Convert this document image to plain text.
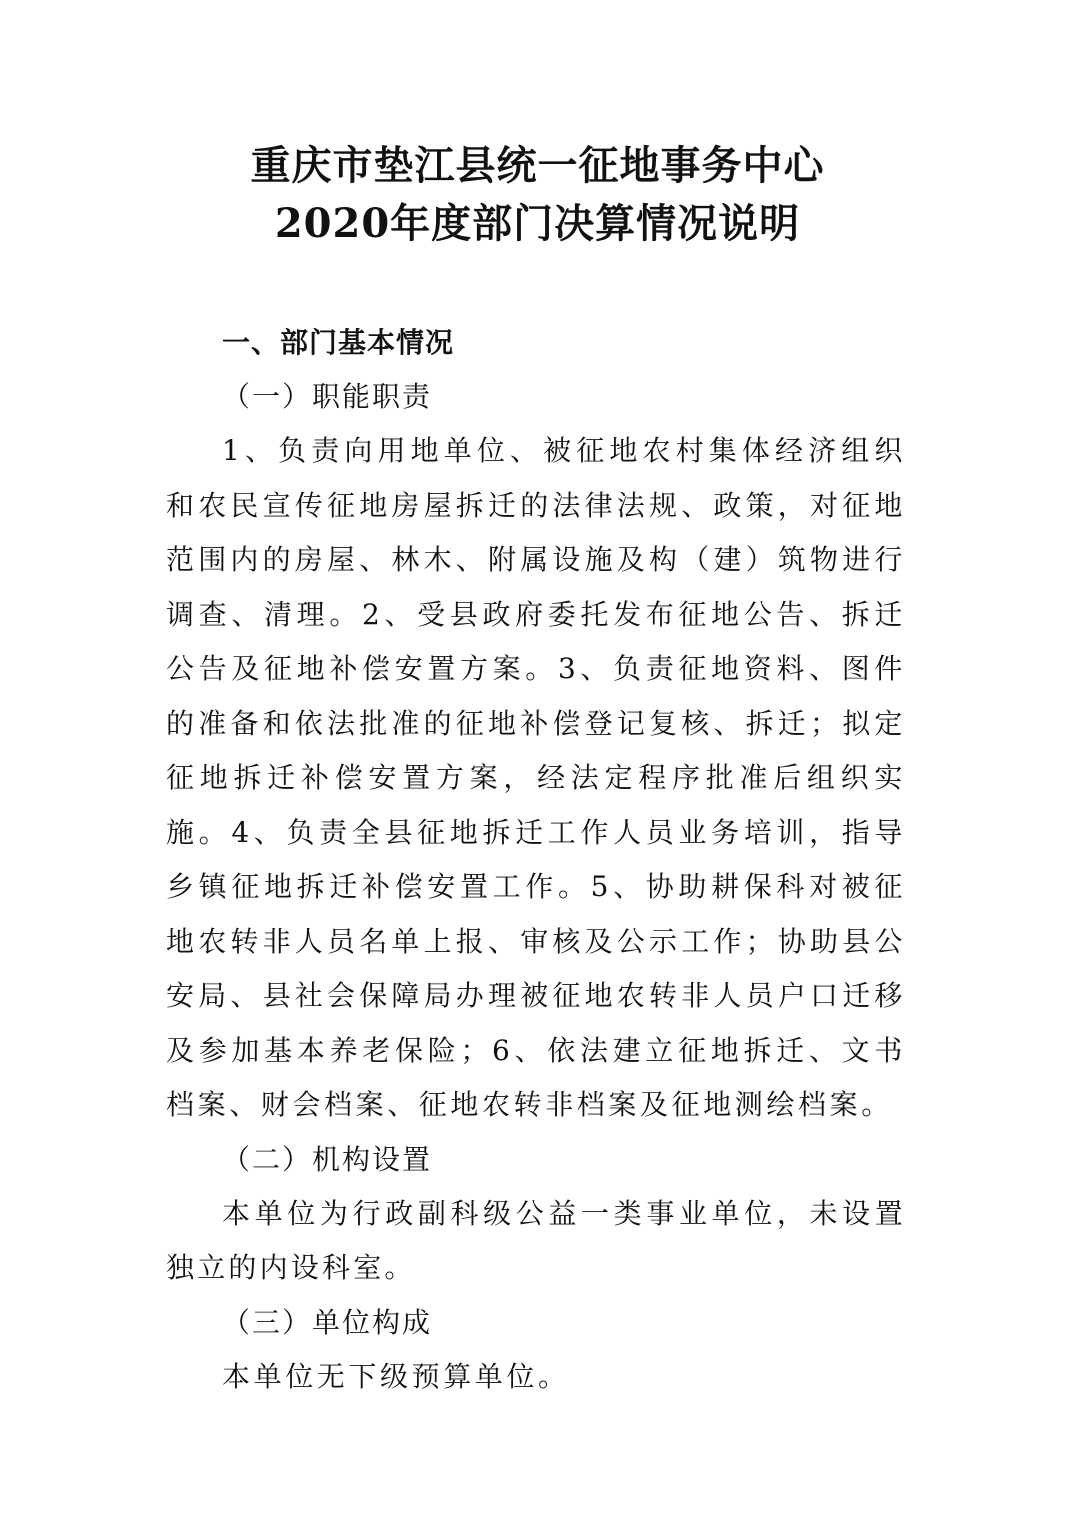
重庆市垫江县统一征地事务中心
2020年度部门决算情况说明

一、部门基本情况

（一）职能职责

1、负责向用地单位、被征地农村集体经济组织和农民宣传征地房屋拆迁的法律法规、政策，对征地范围内的房屋、林木、附属设施及构（建）筑物进行调查、清理。2、受县政府委托发布征地公告、拆迁公告及征地补偿安置方案。3、负责征地资料、图件的准备和依法批准的征地补偿登记复核、拆迁；拟定征地拆迁补偿安置方案，经法定程序批准后组织实施。4、负责全县征地拆迁工作人员业务培训，指导乡镇征地拆迁补偿安置工作。5、协助耕保科对被征地农转非人员名单上报、审核及公示工作；协助县公安局、县社会保障局办理被征地农转非人员户口迁移及参加基本养老保险；6、依法建立征地拆迁、文书档案、财会档案、征地农转非档案及征地测绘档案。

（二）机构设置

本单位为行政副科级公益一类事业单位，未设置独立的内设科室。

（三）单位构成

本单位无下级预算单位。
